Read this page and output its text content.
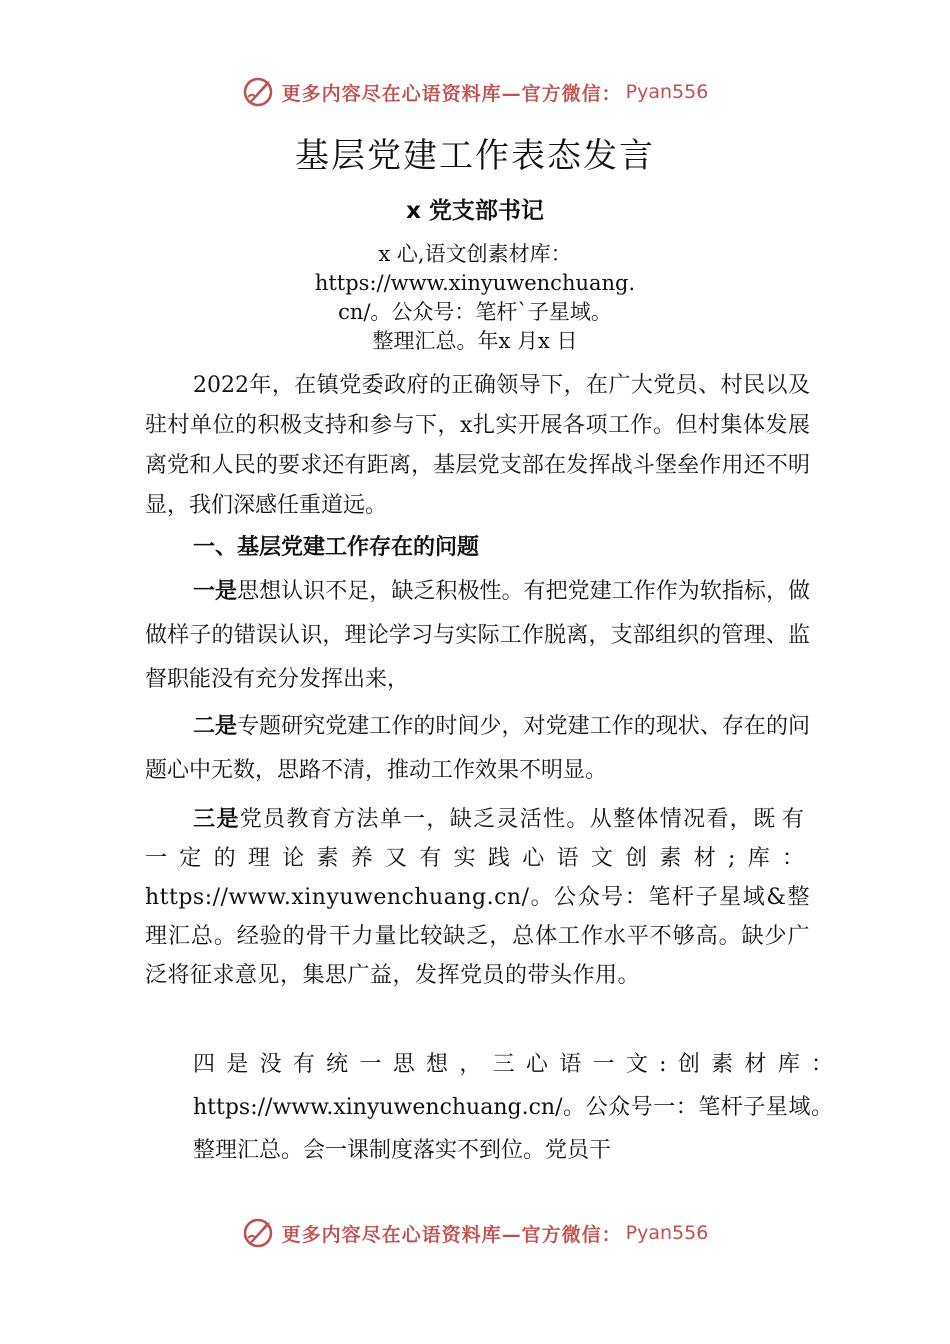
更多内容尽在心语资料库—官方微信： Pyan556
基层党建工作表态发言
x 党支部书记
x 心,语文创素材库：
https://www.xinyuwenchuang.
cn/。公众号：笔杆`子星域。
整理汇总。年x 月x 日

2022年，在镇党委政府的正确领导下，在广大党员、村民以及驻村单位的积极支持和参与下，x扎实开展各项工作。但村集体发展离党和人民的要求还有距离，基层党支部在发挥战斗堡垒作用还不明显，我们深感任重道远。

一、基层党建工作存在的问题

一是思想认识不足，缺乏积极性。有把党建工作作为软指标，做做样子的错误认识，理论学习与实际工作脱离，支部组织的管理、监督职能没有充分发挥出来，

二是专题研究党建工作的时间少，对党建工作的现状、存在的问题心中无数，思路不清，推动工作效果不明显。

三是党员教育方法单一，缺乏灵活性。从整体情况看，既有一定的理论素养又有实践心语文创素材;库：https://www.xinyuwenchuang.cn/。公众号：笔杆子星域&整理汇总。经验的骨干力量比较缺乏，总体工作水平不够高。缺少广泛将征求意见，集思广益，发挥党员的带头作用。

四是没有统一思想，三心语一文:创素材库：https://www.xinyuwenchuang.cn/。公众号一：笔杆子星域。整理汇总。会一课制度落实不到位。党员干

更多内容尽在心语资料库—官方微信： Pyan556
